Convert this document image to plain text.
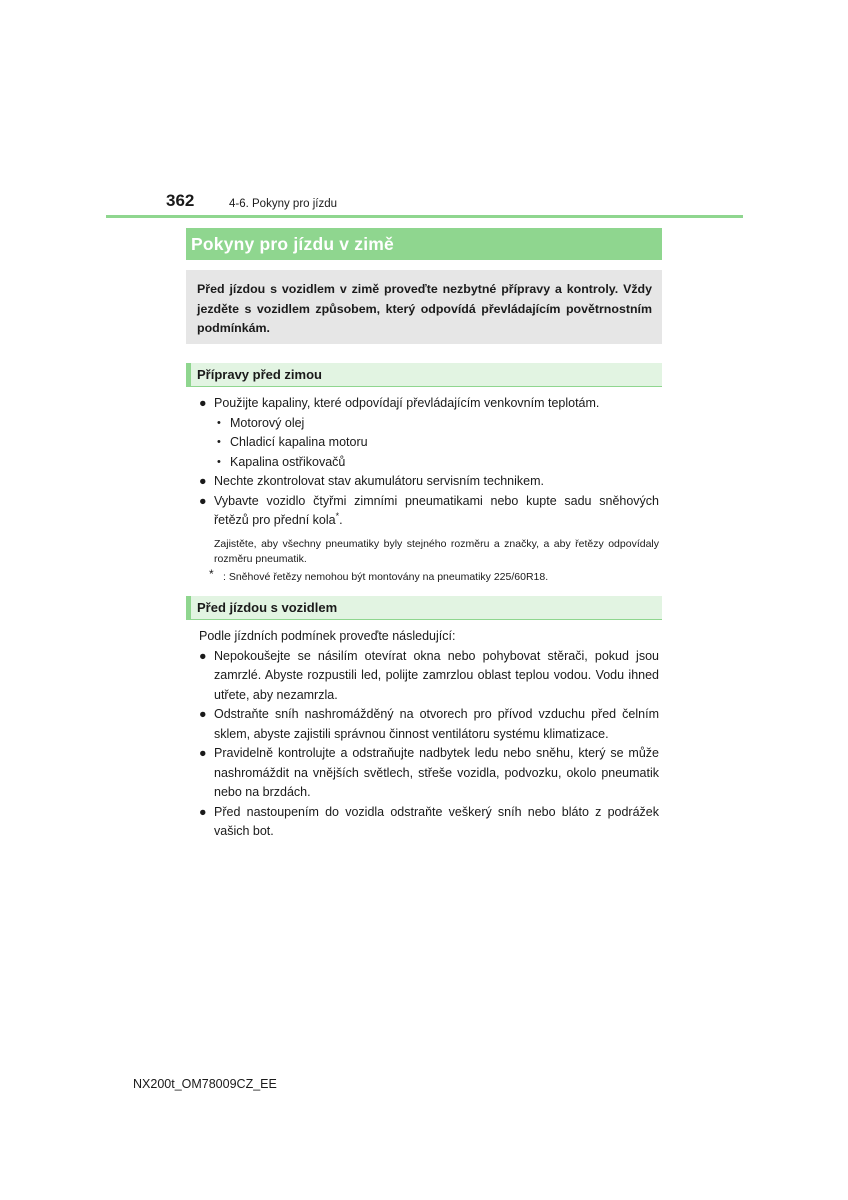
362	4-6. Pokyny pro jízdu
Pokyny pro jízdu v zimě

Před jízdou s vozidlem v zimě proveďte nezbytné přípravy a kontroly. Vždy jezděte s vozidlem způsobem, který odpovídá převládajícím povětrnostním podmínkám.

Přípravy před zimou
● Použijte kapaliny, které odpovídají převládajícím venkovním teplotám.

• Motorový olej

• Chladicí kapalina motoru

• Kapalina ostřikovačů

● Nechte zkontrolovat stav akumulátoru servisním technikem.

● Vybavte vozidlo čtyřmi zimními pneumatikami nebo kupte sadu sněhových řetězů pro přední kola*.

Zajistěte, aby všechny pneumatiky byly stejného rozměru a značky, a aby řetězy odpovídaly rozměru pneumatik.

* : Sněhové řetězy nemohou být montovány na pneumatiky 225/60R18.

Před jízdou s vozidlem

Podle jízdních podmínek proveďte následující:

● Nepokoušejte se násilím otevírat okna nebo pohybovat stěrači, pokud jsou zamrzlé. Abyste rozpustili led, polijte zamrzlou oblast teplou vodou. Vodu ihned utřete, aby nezamrzla.

● Odstraňte sníh nashromážděný na otvorech pro přívod vzduchu před čelním sklem, abyste zajistili správnou činnost ventilátoru systému klimatizace.

● Pravidelně kontrolujte a odstraňujte nadbytek ledu nebo sněhu, který se může nashromáždit na vnějších světlech, střeše vozidla, podvozku, okolo pneumatik nebo na brzdách.

● Před nastoupením do vozidla odstraňte veškerý sníh nebo bláto z podrážek vašich bot.

NX200t_OM78009CZ_EE
